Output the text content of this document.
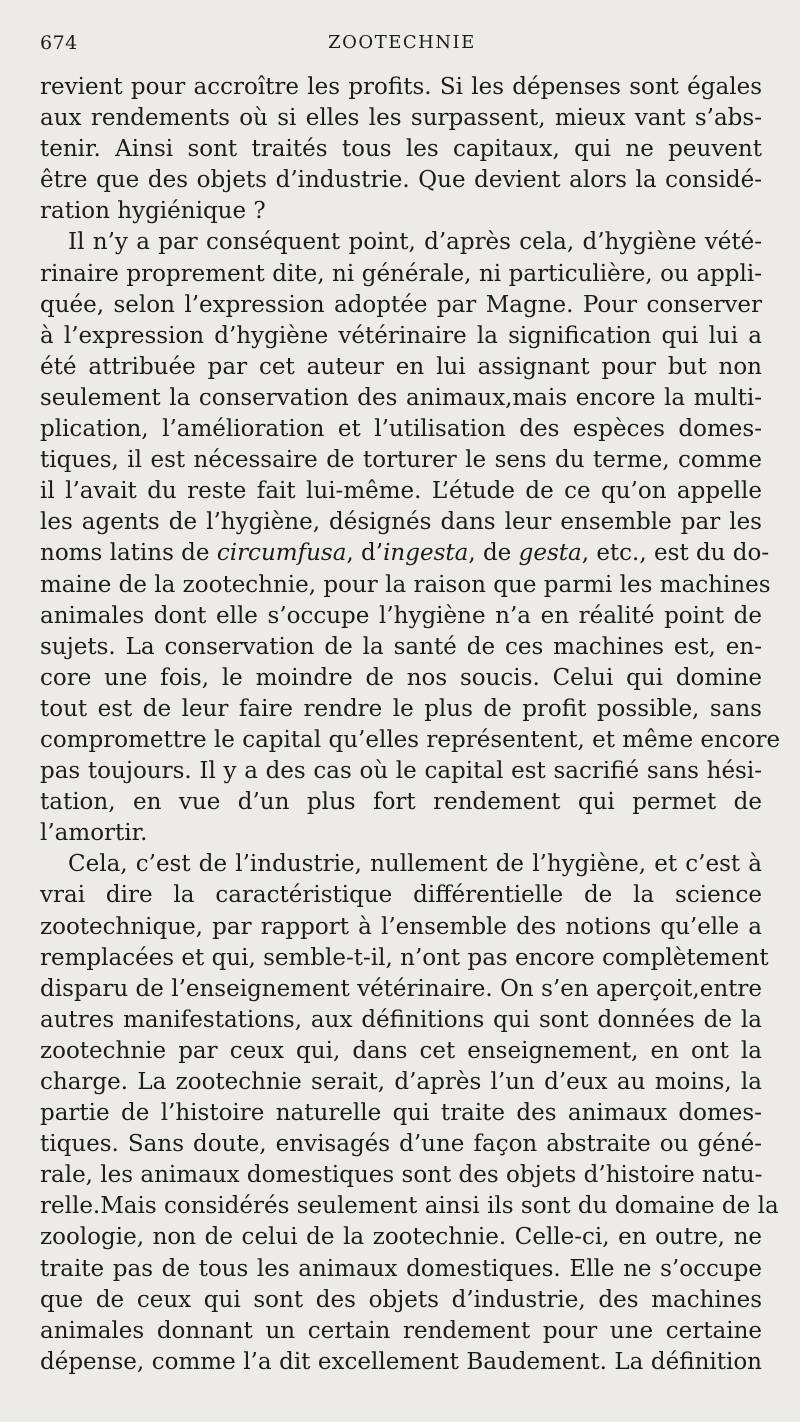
674	ZOOTECHNIE

revient pour accroître les profits. Si les dépenses sont égales
aux rendements où si elles les surpassent, mieux vant s’abs-
tenir. Ainsi sont traités tous les capitaux, qui ne peuvent
être que des objets d’industrie. Que devient alors la considé-
ration hygiénique ?

Il n’y a par conséquent point, d’après cela, d’hygiène vété-
rinaire proprement dite, ni générale, ni particulière, ou appli-
quée, selon l’expression adoptée par Magne. Pour conserver
à l’expression d’hygiène vétérinaire la signification qui lui a
été attribuée par cet auteur en lui assignant pour but non
seulement la conservation des animaux,mais encore la multi-
plication, l’amélioration et l’utilisation des espèces domes-
tiques, il est nécessaire de torturer le sens du terme, comme
il l’avait du reste fait lui-même. L’étude de ce qu’on appelle
les agents de l’hygiène, désignés dans leur ensemble par les
noms latins de circumfusa, d’ingesta, de gesta, etc., est du do-
maine de la zootechnie, pour la raison que parmi les machines
animales dont elle s’occupe l’hygiène n’a en réalité point de
sujets. La conservation de la santé de ces machines est, en-
core une fois, le moindre de nos soucis. Celui qui domine
tout est de leur faire rendre le plus de profit possible, sans
compromettre le capital qu’elles représentent, et même encore
pas toujours. Il y a des cas où le capital est sacrifié sans hési-
tation, en vue d’un plus fort rendement qui permet de
l’amortir.

Cela, c’est de l’industrie, nullement de l’hygiène, et c’est à
vrai dire la caractéristique différentielle de la science
zootechnique, par rapport à l’ensemble des notions qu’elle a
remplacées et qui, semble-t-il, n’ont pas encore complètement
disparu de l’enseignement vétérinaire. On s’en aperçoit,entre
autres manifestations, aux définitions qui sont données de la
zootechnie par ceux qui, dans cet enseignement, en ont la
charge. La zootechnie serait, d’après l’un d’eux au moins, la
partie de l’histoire naturelle qui traite des animaux domes-
tiques. Sans doute, envisagés d’une façon abstraite ou géné-
rale, les animaux domestiques sont des objets d’histoire natu-
relle.Mais considérés seulement ainsi ils sont du domaine de la
zoologie, non de celui de la zootechnie. Celle-ci, en outre, ne
traite pas de tous les animaux domestiques. Elle ne s’occupe
que de ceux qui sont des objets d’industrie, des machines
animales donnant un certain rendement pour une certaine
dépense, comme l’a dit excellement Baudement. La définition
